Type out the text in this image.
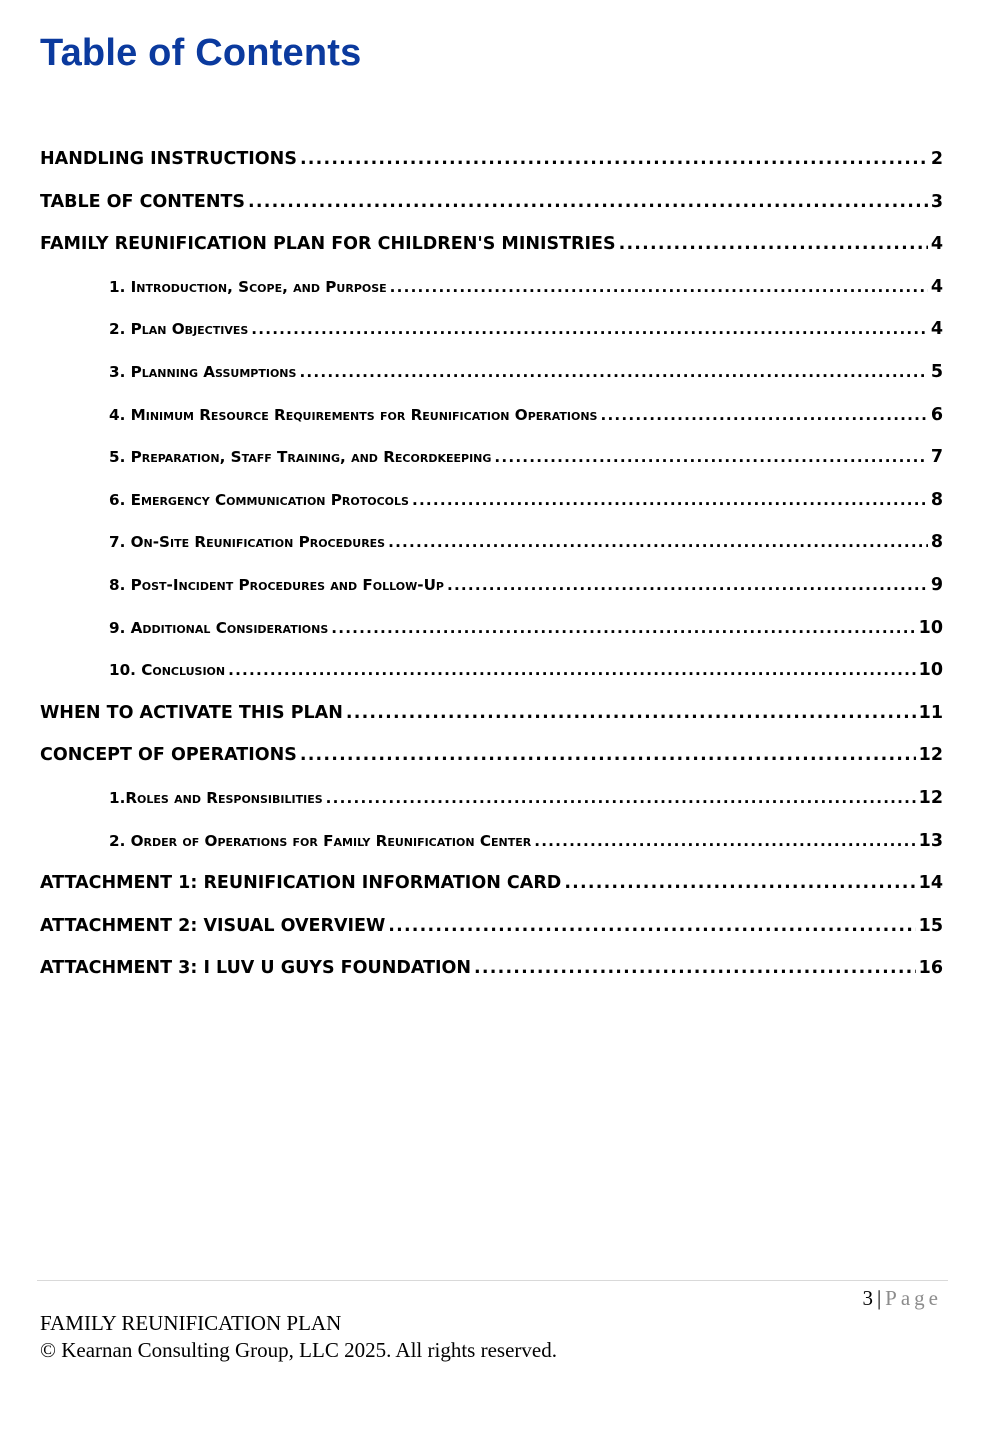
Table of Contents
HANDLING INSTRUCTIONS .....	2
TABLE OF CONTENTS .....	3
FAMILY REUNIFICATION PLAN FOR CHILDREN'S MINISTRIES .....	4
1. Introduction, Scope, and Purpose .....	4
2. Plan Objectives .....	4
3. Planning Assumptions .....	5
4. Minimum Resource Requirements for Reunification Operations .....	6
5. Preparation, Staff Training, and Recordkeeping .....	7
6. Emergency Communication Protocols .....	8
7. On-Site Reunification Procedures .....	8
8. Post-Incident Procedures and Follow-Up .....	9
9. Additional Considerations .....	10
10. Conclusion .....	10
WHEN TO ACTIVATE THIS PLAN .....	11
CONCEPT OF OPERATIONS .....	12
1.Roles and Responsibilities .....	12
2. Order of Operations for Family Reunification Center .....	13
ATTACHMENT 1: REUNIFICATION INFORMATION CARD .....	14
ATTACHMENT 2: VISUAL OVERVIEW .....	15
ATTACHMENT 3: I LUV U GUYS FOUNDATION .....	16
3 | Page
FAMILY REUNIFICATION PLAN
© Kearnan Consulting Group, LLC 2025. All rights reserved.
